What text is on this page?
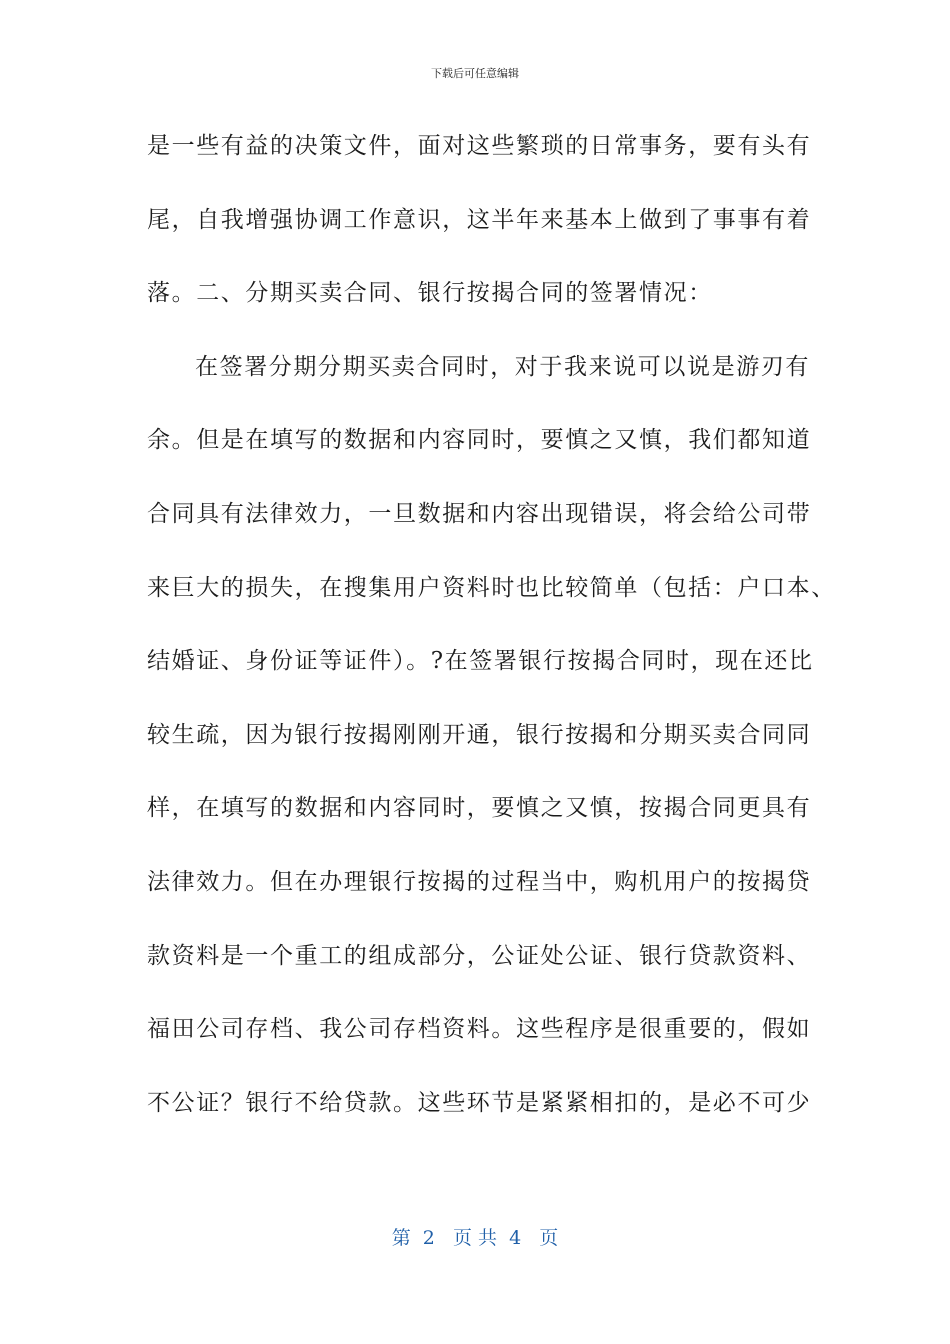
下载后可任意编辑
是一些有益的决策文件，面对这些繁琐的日常事务，要有头有
尾，自我增强协调工作意识，这半年来基本上做到了事事有着
落。二、分期买卖合同、银行按揭合同的签署情况：
在签署分期分期买卖合同时，对于我来说可以说是游刃有
余。但是在填写的数据和内容同时，要慎之又慎，我们都知道
合同具有法律效力，一旦数据和内容出现错误，将会给公司带
来巨大的损失，在搜集用户资料时也比较简单（包括：户口本、
结婚证、身份证等证件）。?在签署银行按揭合同时，现在还比
较生疏，因为银行按揭刚刚开通，银行按揭和分期买卖合同同
样，在填写的数据和内容同时，要慎之又慎，按揭合同更具有
法律效力。但在办理银行按揭的过程当中，购机用户的按揭贷
款资料是一个重工的组成部分，公证处公证、银行贷款资料、
福田公司存档、我公司存档资料。这些程序是很重要的，假如
不公证？银行不给贷款。这些环节是紧紧相扣的，是必不可少
第  2   页 共  4   页
